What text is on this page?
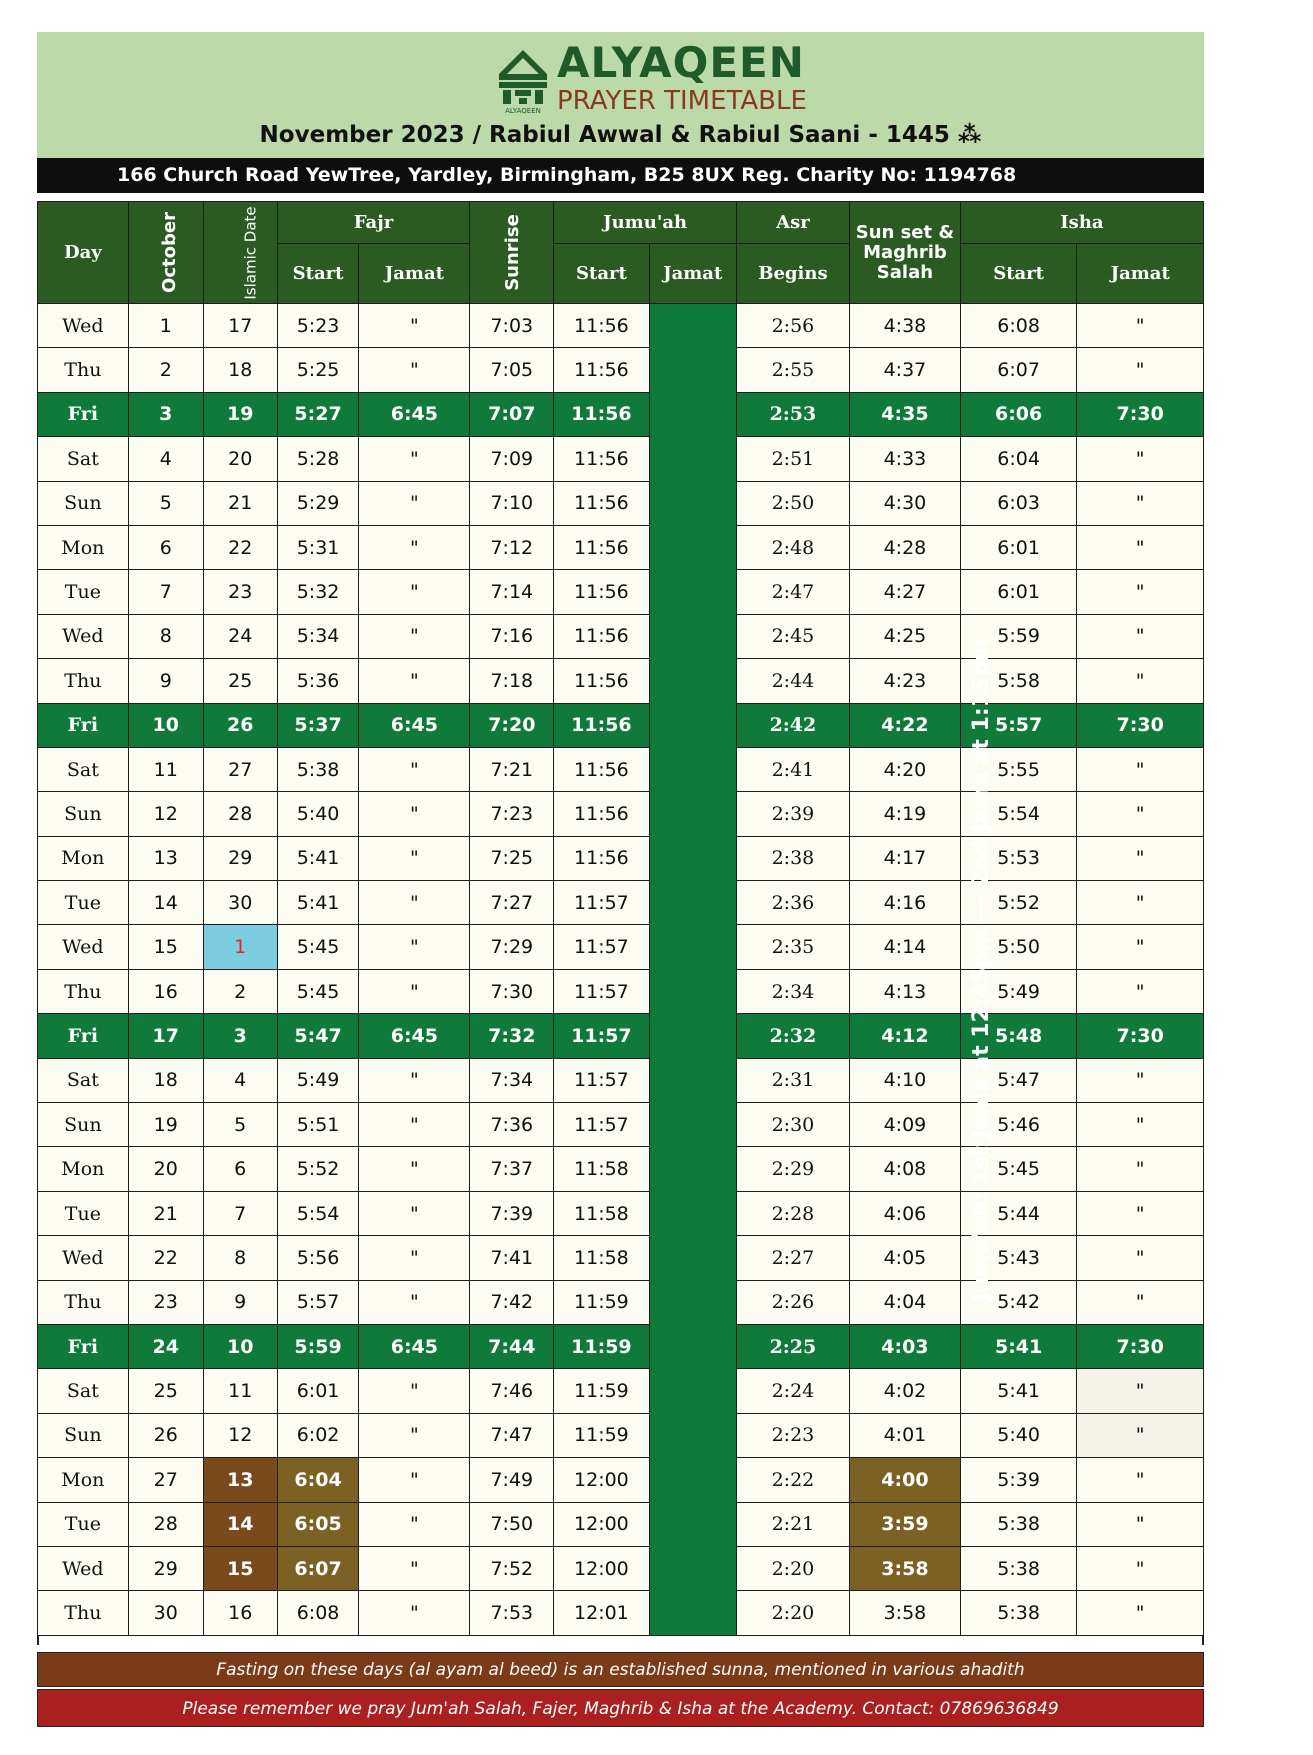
ALYAQEEN
ALYAQEEN
PRAYER TIMETABLE
November 2023 / Rabiul Awwal & Rabiul Saani - 1445 ⁂
166 Church Road YewTree, Yardley, Birmingham, B25 8UX Reg. Charity No: 1194768
Day	October	Islamic Date	Fajr		Sunrise	Jumu'ah		Asr	Sun set & Maghrib Salah	Isha	
			Start	Jamat		Start	Jamat	Begins		Start	Jamat
Wed	1	17	5:23	"	7:03	11:56	Jumu'ah: 1st Jama'at 12:45pm --- 2nd Jama'at 1:15pm	2:56	4:38	6:08	"
Thu	2	18	5:25	"	7:05	11:56		2:55	4:37	6:07	"
Fri	3	19	5:27	6:45	7:07	11:56		2:53	4:35	6:06	7:30
Sat	4	20	5:28	"	7:09	11:56		2:51	4:33	6:04	"
Sun	5	21	5:29	"	7:10	11:56		2:50	4:30	6:03	"
Mon	6	22	5:31	"	7:12	11:56		2:48	4:28	6:01	"
Tue	7	23	5:32	"	7:14	11:56		2:47	4:27	6:01	"
Wed	8	24	5:34	"	7:16	11:56		2:45	4:25	5:59	"
Thu	9	25	5:36	"	7:18	11:56		2:44	4:23	5:58	"
Fri	10	26	5:37	6:45	7:20	11:56		2:42	4:22	5:57	7:30
Sat	11	27	5:38	"	7:21	11:56		2:41	4:20	5:55	"
Sun	12	28	5:40	"	7:23	11:56		2:39	4:19	5:54	"
Mon	13	29	5:41	"	7:25	11:56		2:38	4:17	5:53	"
Tue	14	30	5:41	"	7:27	11:57		2:36	4:16	5:52	"
Wed	15	1	5:45	"	7:29	11:57		2:35	4:14	5:50	"
Thu	16	2	5:45	"	7:30	11:57		2:34	4:13	5:49	"
Fri	17	3	5:47	6:45	7:32	11:57		2:32	4:12	5:48	7:30
Sat	18	4	5:49	"	7:34	11:57		2:31	4:10	5:47	"
Sun	19	5	5:51	"	7:36	11:57		2:30	4:09	5:46	"
Mon	20	6	5:52	"	7:37	11:58		2:29	4:08	5:45	"
Tue	21	7	5:54	"	7:39	11:58		2:28	4:06	5:44	"
Wed	22	8	5:56	"	7:41	11:58		2:27	4:05	5:43	"
Thu	23	9	5:57	"	7:42	11:59		2:26	4:04	5:42	"
Fri	24	10	5:59	6:45	7:44	11:59		2:25	4:03	5:41	7:30
Sat	25	11	6:01	"	7:46	11:59		2:24	4:02	5:41	"
Sun	26	12	6:02	"	7:47	11:59		2:23	4:01	5:40	"
Mon	27	13	6:04	"	7:49	12:00		2:22	4:00	5:39	"
Tue	28	14	6:05	"	7:50	12:00		2:21	3:59	5:38	"
Wed	29	15	6:07	"	7:52	12:00		2:20	3:58	5:38	"
Thu	30	16	6:08	"	7:53	12:01		2:20	3:58	5:38	"
Fasting on these days (al ayam al beed) is an established sunna, mentioned in various ahadith
Please remember we pray Jum'ah Salah, Fajer, Maghrib & Isha at the Academy. Contact: 07869636849
